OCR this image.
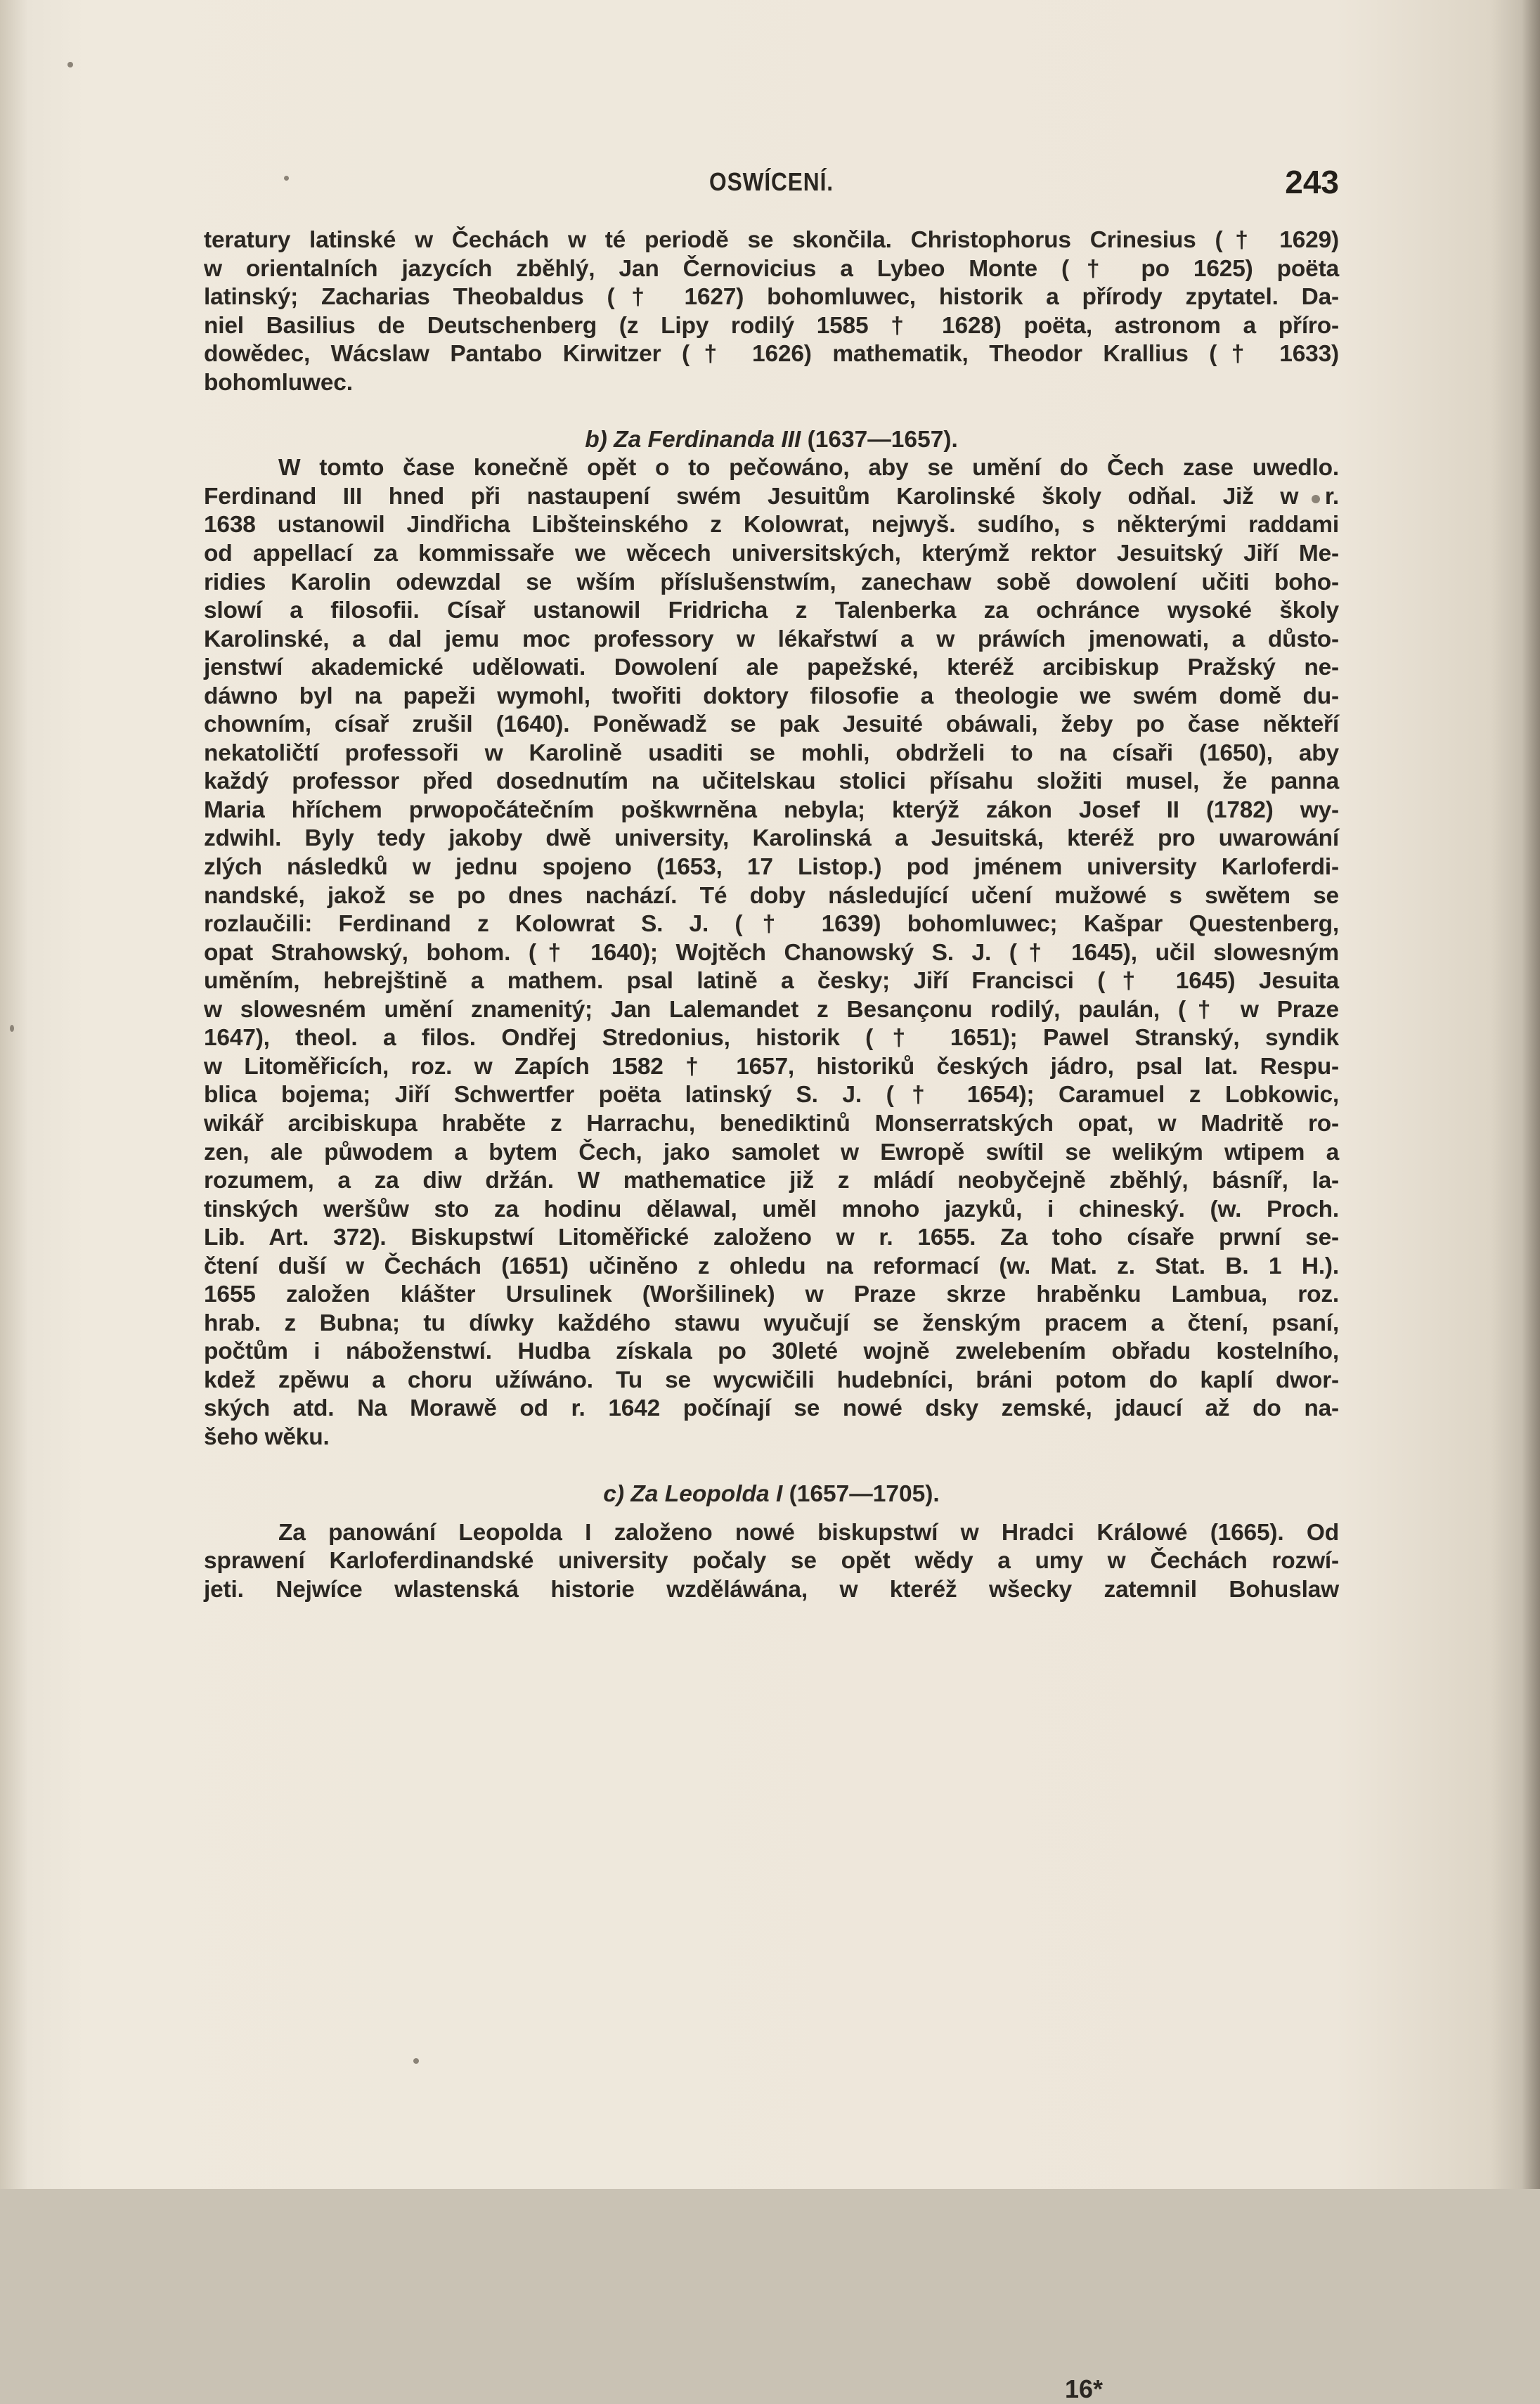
OSWÍCENÍ.	243
teratury latinské w Čechách w té periodě se skončila. Christophorus Crinesius († 1629)
w orientalních jazycích zběhlý, Jan Černovicius a Lybeo Monte († po 1625) poëta
latinský; Zacharias Theobaldus († 1627) bohomluwec, historik a přírody zpytatel. Da-
niel Basilius de Deutschenberg (z Lipy rodilý 1585 † 1628) poëta, astronom a příro-
dowědec, Wácslaw Pantabo Kirwitzer († 1626) mathematik, Theodor Krallius († 1633)
bohomluwec.
b) Za Ferdinanda III (1637—1657).
W tomto čase konečně opět o to pečowáno, aby se umění do Čech zase uwedlo.
Ferdinand III hned při nastaupení swém Jesuitům Karolinské školy odňal. Již w r.
1638 ustanowil Jindřicha Libšteinského z Kolowrat, nejwyš. sudího, s některými raddami
od appellací za kommissaře we wěcech universitských, kterýmž rektor Jesuitský Jiří Me-
ridies Karolin odewzdal se wším příslušenstwím, zanechaw sobě dowolení učiti boho-
slowí a filosofii. Císař ustanowil Fridricha z Talenberka za ochránce wysoké školy
Karolinské, a dal jemu moc professory w lékařstwí a w práwích jmenowati, a důsto-
jenstwí akademické udělowati. Dowolení ale papežské, kteréž arcibiskup Pražský ne-
dáwno byl na papeži wymohl, twořiti doktory filosofie a theologie we swém domě du-
chowním, císař zrušil (1640). Poněwadž se pak Jesuité obáwali, žeby po čase někteří
nekatoličtí professoři w Karolině usaditi se mohli, obdrželi to na císaři (1650), aby
každý professor před dosednutím na učitelskau stolici přísahu složiti musel, že panna
Maria hříchem prwopočátečním poškwrněna nebyla; kterýž zákon Josef II (1782) wy-
zdwihl. Byly tedy jakoby dwě university, Karolinská a Jesuitská, kteréž pro uwarowání
zlých následků w jednu spojeno (1653, 17 Listop.) pod jménem university Karloferdi-
nandské, jakož se po dnes nachází. Té doby následující učení mužowé s swětem se
rozlaučili: Ferdinand z Kolowrat S. J. († 1639) bohomluwec; Kašpar Questenberg,
opat Strahowský, bohom. († 1640); Wojtěch Chanowský S. J. († 1645), učil slowesným
uměním, hebrejštině a mathem. psal latině a česky; Jiří Francisci († 1645) Jesuita
w slowesném umění znamenitý; Jan Lalemandet z Besançonu rodilý, paulán, († w Praze
1647), theol. a filos. Ondřej Stredonius, historik († 1651); Pawel Stranský, syndik
w Litoměřicích, roz. w Zapích 1582 † 1657, historiků českých jádro, psal lat. Respu-
blica bojema; Jiří Schwertfer poëta latinský S. J. († 1654); Caramuel z Lobkowic,
wikář arcibiskupa hraběte z Harrachu, benediktinů Monserratských opat, w Madritě ro-
zen, ale půwodem a bytem Čech, jako samolet w Ewropě swítil se welikým wtipem a
rozumem, a za diw držán. W mathematice již z mládí neobyčejně zběhlý, básníř, la-
tinských weršůw sto za hodinu dělawal, uměl mnoho jazyků, i chineský. (w. Proch.
Lib. Art. 372). Biskupstwí Litoměřické založeno w r. 1655. Za toho císaře prwní se-
čtení duší w Čechách (1651) učiněno z ohledu na reformací (w. Mat. z. Stat. B. 1 H.).
1655 založen klášter Ursulinek (Woršilinek) w Praze skrze hraběnku Lambua, roz.
hrab. z Bubna; tu díwky každého stawu wyučují se ženským pracem a čtení, psaní,
počtům i náboženstwí. Hudba získala po 30leté wojně zwelebením obřadu kostelního,
kdež zpěwu a choru užíwáno. Tu se wycwičili hudebníci, bráni potom do kaplí dwor-
ských atd. Na Morawě od r. 1642 počínají se nowé dsky zemské, jdaucí až do na-
šeho wěku.
c) Za Leopolda I (1657—1705).
Za panowání Leopolda I založeno nowé biskupstwí w Hradci Králowé (1665). Od
sprawení Karloferdinandské university počaly se opět wědy a umy w Čechách rozwí-
jeti. Nejwíce wlastenská historie wzděláwána, w kteréž wšecky zatemnil Bohuslaw
16*
